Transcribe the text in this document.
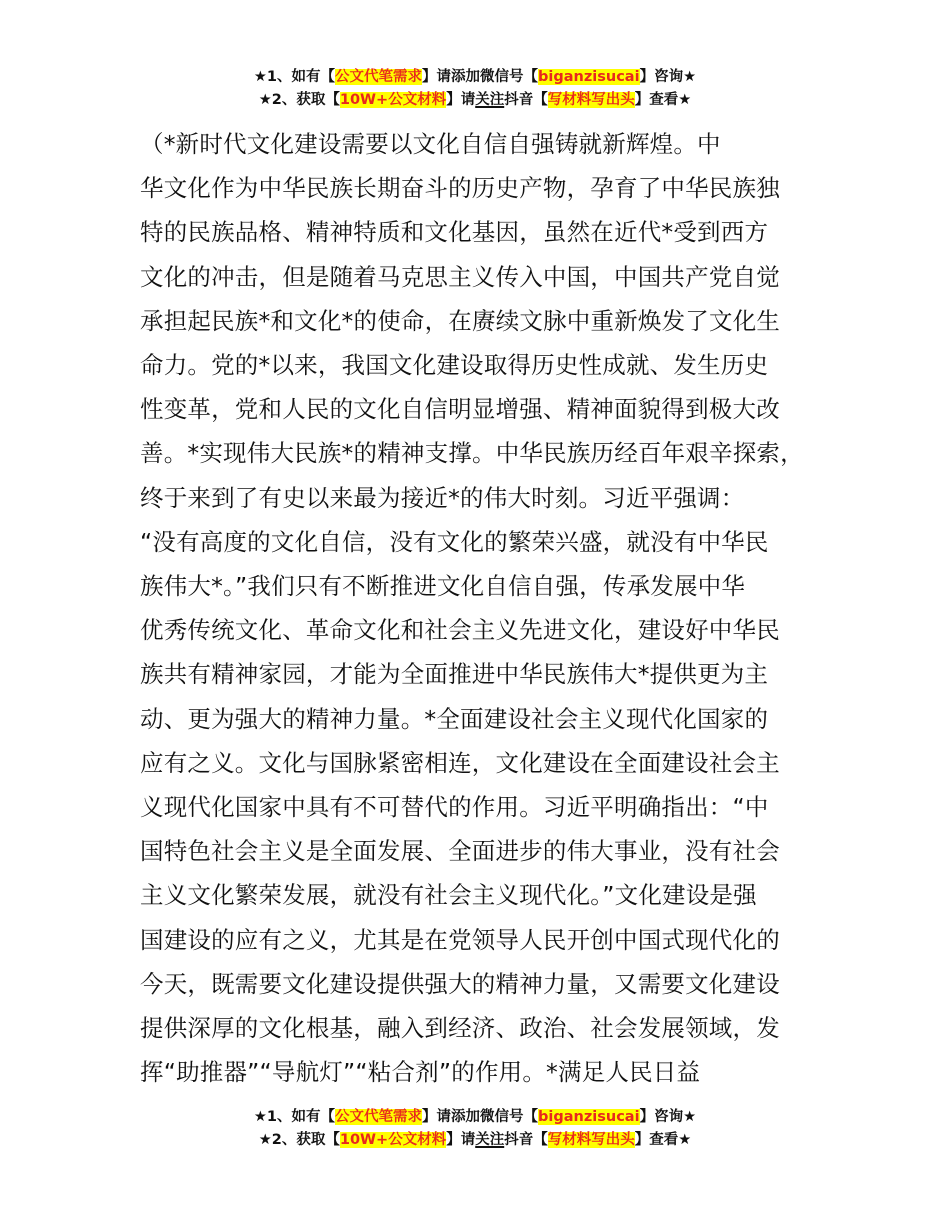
★1、如有【公文代笔需求】请添加微信号【biganzisucai】咨询★
★2、获取【10W+公文材料】请关注抖音【写材料写出头】查看★
（*新时代文化建设需要以文化自信自强铸就新辉煌。中
华文化作为中华民族长期奋斗的历史产物，孕育了中华民族独
特的民族品格、精神特质和文化基因，虽然在近代*受到西方
文化的冲击，但是随着马克思主义传入中国，中国共产党自觉
承担起民族*和文化*的使命，在赓续文脉中重新焕发了文化生
命力。党的*以来，我国文化建设取得历史性成就、发生历史
性变革，党和人民的文化自信明显增强、精神面貌得到极大改
善。*实现伟大民族*的精神支撑。中华民族历经百年艰辛探索，
终于来到了有史以来最为接近*的伟大时刻。习近平强调：
“没有高度的文化自信，没有文化的繁荣兴盛，就没有中华民
族伟大*。”我们只有不断推进文化自信自强，传承发展中华
优秀传统文化、革命文化和社会主义先进文化，建设好中华民
族共有精神家园，才能为全面推进中华民族伟大*提供更为主
动、更为强大的精神力量。*全面建设社会主义现代化国家的
应有之义。文化与国脉紧密相连，文化建设在全面建设社会主
义现代化国家中具有不可替代的作用。习近平明确指出：“中
国特色社会主义是全面发展、全面进步的伟大事业，没有社会
主义文化繁荣发展，就没有社会主义现代化。”文化建设是强
国建设的应有之义，尤其是在党领导人民开创中国式现代化的
今天，既需要文化建设提供强大的精神力量，又需要文化建设
提供深厚的文化根基，融入到经济、政治、社会发展领域，发
挥“助推器”“导航灯”“粘合剂”的作用。*满足人民日益
★1、如有【公文代笔需求】请添加微信号【biganzisucai】咨询★
★2、获取【10W+公文材料】请关注抖音【写材料写出头】查看★
